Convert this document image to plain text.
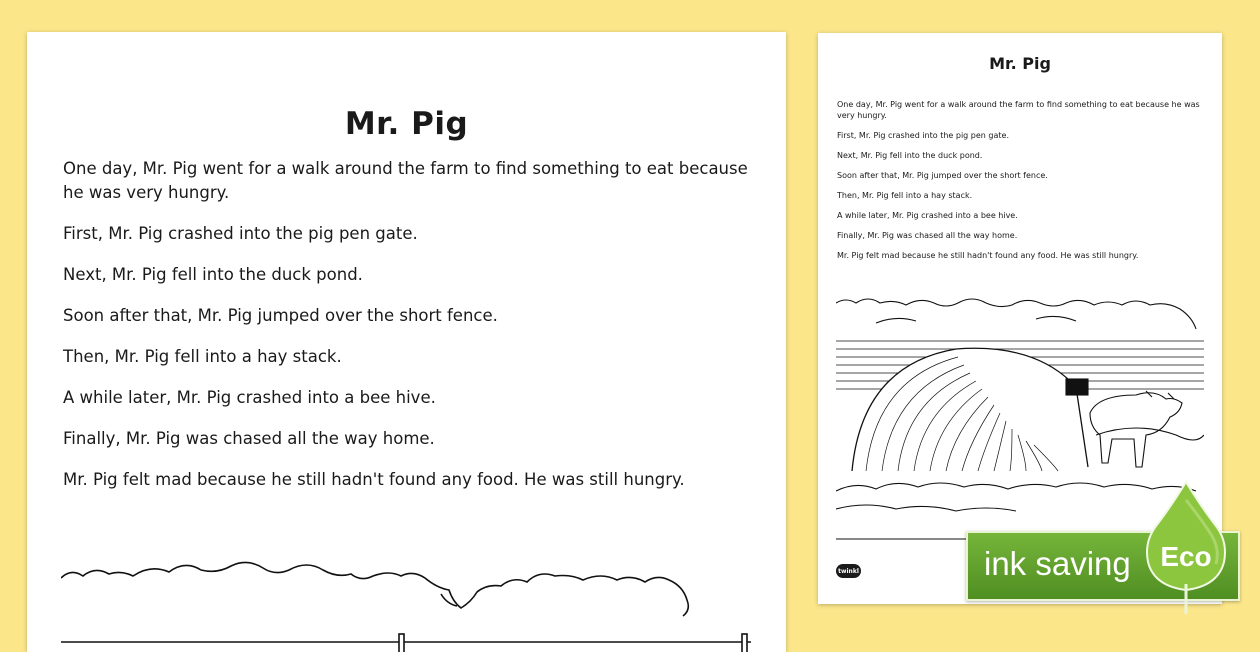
Mr. Pig

One day, Mr. Pig went for a walk around the farm to find something to eat because he was very hungry.

First, Mr. Pig crashed into the pig pen gate.

Next, Mr. Pig fell into the duck pond.

Soon after that, Mr. Pig jumped over the short fence.

Then, Mr. Pig fell into a hay stack.

A while later, Mr. Pig crashed into a bee hive.

Finally, Mr. Pig was chased all the way home.

Mr. Pig felt mad because he still hadn't found any food. He was still hungry.

Mr. Pig

One day, Mr. Pig went for a walk around the farm to find something to eat because he was very hungry.

First, Mr. Pig crashed into the pig pen gate.

Next, Mr. Pig fell into the duck pond.

Soon after that, Mr. Pig jumped over the short fence.

Then, Mr. Pig fell into a hay stack.

A while later, Mr. Pig crashed into a bee hive.

Finally, Mr. Pig was chased all the way home.

Mr. Pig felt mad because he still hadn't found any food. He was still hungry.

twinkl	ink saving	Eco
